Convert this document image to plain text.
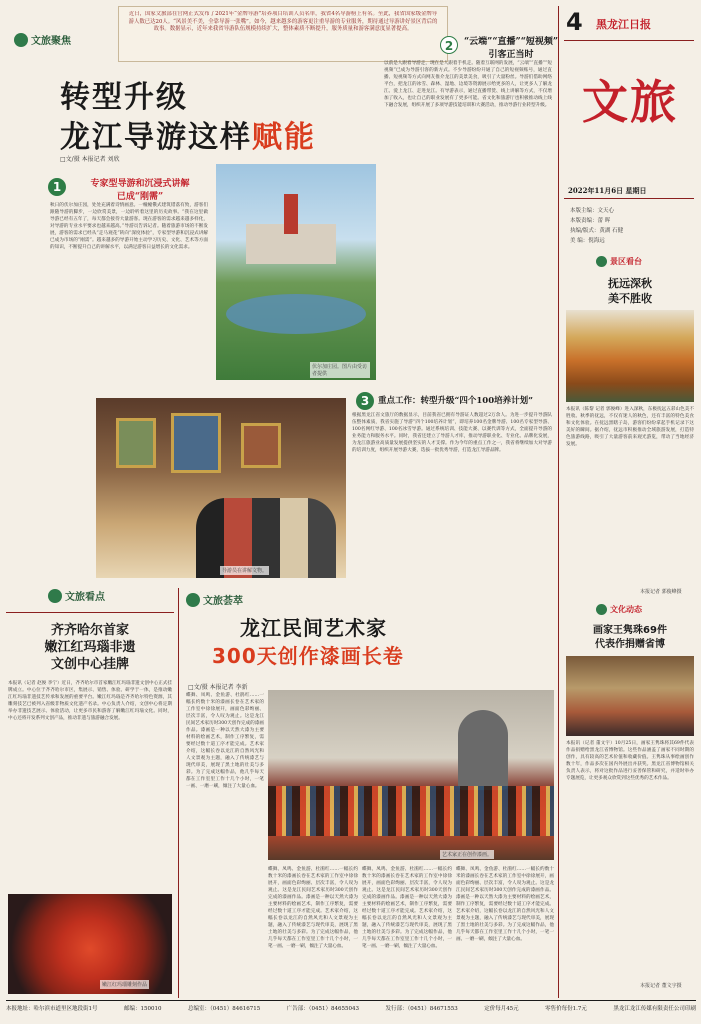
近日，国家文旅部在官网正式发布了2021年“金牌导游”培养项目培训人员名单，我省4名导游榜上有名。至此，我省国家级金牌导游人数已达20人。“风景美不美，全靠导游一张嘴”。如今，越来越多的游客更注重导游的专业服务，期待通过导游讲好景区背后的故事。数据显示，近年来我省导游队伍规模持续扩大，整体素质不断提升，服务质量和游客满意度显著提高。
文旅聚焦
转型升级
龙江导游这样赋能
□文/摄 本报记者 刘欣
2	“云端”“直播”“短视频”
引客正当时
伏尔加庄园。图片由受访者提供
1	专家型导游和沉浸式讲解
已成“刚需”
秋日的伏尔加庄园，处处充满着诗情画意。一幢幢俄式建筑错落有致，游客们跟随导游的脚步，一边欣赏美景，一边聆听着这里的历史故事。“我在这里做导游已经有五年了，每天都会接待大量游客。现在游客的需求越来越多样化，对导游的专业水平要求也越来越高。”导游员告诉记者。随着旅游市场的不断发展，游客的需求已经从“走马观花”转向“深度体验”，专家型导游和沉浸式讲解已成为市场的“刚需”。越来越多的导游开始主动学习历史、文化、艺术等方面的知识，不断提升自己的讲解水平，以满足游客日益增长的文化需求。
以前是人跟着导游走，现在是人跟着手机走。随着互联网的发展，“云端”“直播”“短视频”已成为导游引客的新方式。不少导游纷纷开通了自己的短视频账号，通过直播、短视频等方式向网友推介龙江的美景美食，吸引了大量粉丝。导游们借助网络平台，把龙江的冰雪、森林、湿地、边境等资源展示给更多的人，让更多人了解龙江、爱上龙江、走进龙江。有导游表示，通过直播带货、线上讲解等方式，不仅增加了收入，也让自己的职业发展有了更多可能。省文化和旅游厅也积极推动线上线下融合发展，组织开展了多项导游技能培训和大赛活动，推动导游行业转型升级。
3	重点工作：转型升级“四个100培养计划”
根据黑龙江省文旅厅的数据显示，目前我省已拥有导游证人数超过2万余人。为进一步提升导游队伍整体素质，我省实施了导游“四个100培养计划”，即培养100名金牌导游、100名专家型导游、100名网红导游、100名冰雪导游。通过系统培训、技能大赛、以赛代训等方式，全面提升导游的业务能力和服务水平。同时，我省还建立了导游人才库，推动导游职业化、专业化、品牌化发展，为龙江旅游业高质量发展提供坚实的人才支撑。作为今年的重点工作之一，我省将继续加大对导游的培训力度，组织开展导游大赛，选拔一批优秀导游，打造龙江导游品牌。
导游员在讲解文物。
文旅看点
齐齐哈尔首家
嫩江红玛瑙非遗
文创中心挂牌
本报讯（记者 赵俊 李宁）近日，齐齐哈尔市首家嫩江红玛瑙非遗文创中心正式挂牌成立。中心位于齐齐哈尔市区，集展示、销售、体验、研学于一体，是推动嫩江红玛瑙非遗技艺传承和发展的重要平台。嫩江红玛瑙是齐齐哈尔特色资源，其雕刻技艺已被列入省级非物质文化遗产名录。中心负责人介绍，文创中心将定期举办非遗技艺展示、体验活动，让更多市民和游客了解嫩江红玛瑙文化。同时，中心还将开发系列文创产品，推动非遗与旅游融合发展。
嫩江红玛瑙雕刻作品
文旅荟萃
龙江民间艺术家
300天创作漆画长卷
□文/摄 本报记者 李新
蝶舞、凤鸣、金鱼游、杜鹃红……一幅长约数十米的漆画长卷在艺术家的工作室中徐徐展开，画面色彩绚丽、层次丰富，令人叹为观止。这是龙江民间艺术家历时300天创作完成的漆画作品。漆画是一种以天然大漆为主要材料的绘画艺术，制作工序繁复，需要经过数十道工序才能完成。艺术家介绍，这幅长卷以龙江的自然风光和人文景观为主题，融入了传统漆艺与现代审美，展现了黑土地的壮美与多彩。为了完成这幅作品，他几乎每天都在工作室里工作十几个小时，一笔一画、一磨一刷，倾注了大量心血。
艺术家正在创作漆画。
蝶舞、凤鸣、金鱼游、杜鹃红……一幅长约数十米的漆画长卷在艺术家的工作室中徐徐展开，画面色彩绚丽、层次丰富，令人叹为观止。这是龙江民间艺术家历时300天创作完成的漆画作品。漆画是一种以天然大漆为主要材料的绘画艺术，制作工序繁复，需要经过数十道工序才能完成。艺术家介绍，这幅长卷以龙江的自然风光和人文景观为主题，融入了传统漆艺与现代审美，展现了黑土地的壮美与多彩。为了完成这幅作品，他几乎每天都在工作室里工作十几个小时，一笔一画、一磨一刷，倾注了大量心血。
蝶舞、凤鸣、金鱼游、杜鹃红……一幅长约数十米的漆画长卷在艺术家的工作室中徐徐展开，画面色彩绚丽、层次丰富，令人叹为观止。这是龙江民间艺术家历时300天创作完成的漆画作品。漆画是一种以天然大漆为主要材料的绘画艺术，制作工序繁复，需要经过数十道工序才能完成。艺术家介绍，这幅长卷以龙江的自然风光和人文景观为主题，融入了传统漆艺与现代审美，展现了黑土地的壮美与多彩。为了完成这幅作品，他几乎每天都在工作室里工作十几个小时，一笔一画、一磨一刷，倾注了大量心血。
蝶舞、凤鸣、金鱼游、杜鹃红……一幅长约数十米的漆画长卷在艺术家的工作室中徐徐展开，画面色彩绚丽、层次丰富，令人叹为观止。这是龙江民间艺术家历时300天创作完成的漆画作品。漆画是一种以天然大漆为主要材料的绘画艺术，制作工序繁复，需要经过数十道工序才能完成。艺术家介绍，这幅长卷以龙江的自然风光和人文景观为主题，融入了传统漆艺与现代审美，展现了黑土地的壮美与多彩。为了完成这幅作品，他几乎每天都在工作室里工作十几个小时，一笔一画、一磨一刷，倾注了大量心血。
4 黑龙江日报
文旅
2022年11月6日 星期日
本版主编：文天心
本版责编：蕾 晖
执编/版式：黄湖 石健
美 编：倪海远
景区看台
抚远深秋
美不胜收
本报讯（陈黎 记者 郭俊峰）进入深秋，东极抚远五彩山色美不胜收。秋季的抚远，不仅有迷人的秋色，还有丰富的特色美食和文化体验。在抚远黑瞎子岛，游客们纷纷拿起手机记录下这美好的瞬间。据介绍，抚远市积极推动全域旅游发展，打造特色旅游线路，吸引了大量游客前来观光游览，带动了当地经济发展。
本报记者 郭俊峰摄
文化动态
画家王隽珠69件
代表作捐赠省博
本报讯（记者 董文宇）10月25日，画家王隽珠将其69件代表作品捐赠给黑龙江省博物馆。这些作品涵盖了画家不同时期的创作，具有较高的艺术价值和收藏价值。王隽珠从事绘画创作数十年，作品多次在国内外展出并获奖。黑龙江省博物馆相关负责人表示，将对这批作品进行妥善保管和研究，并适时举办专题展览，让更多观众欣赏到这些优秀的艺术作品。
本报记者 董文宇摄
本报地址：哈尔滨市道里区地段街1号	邮编：150010	总编室：（0451）84616715	广告部：（0451）84655043	发行部：（0451）84671553	定价每月45元	零售价每份1.7元	黑龙江龙江传媒有限责任公司印刷
